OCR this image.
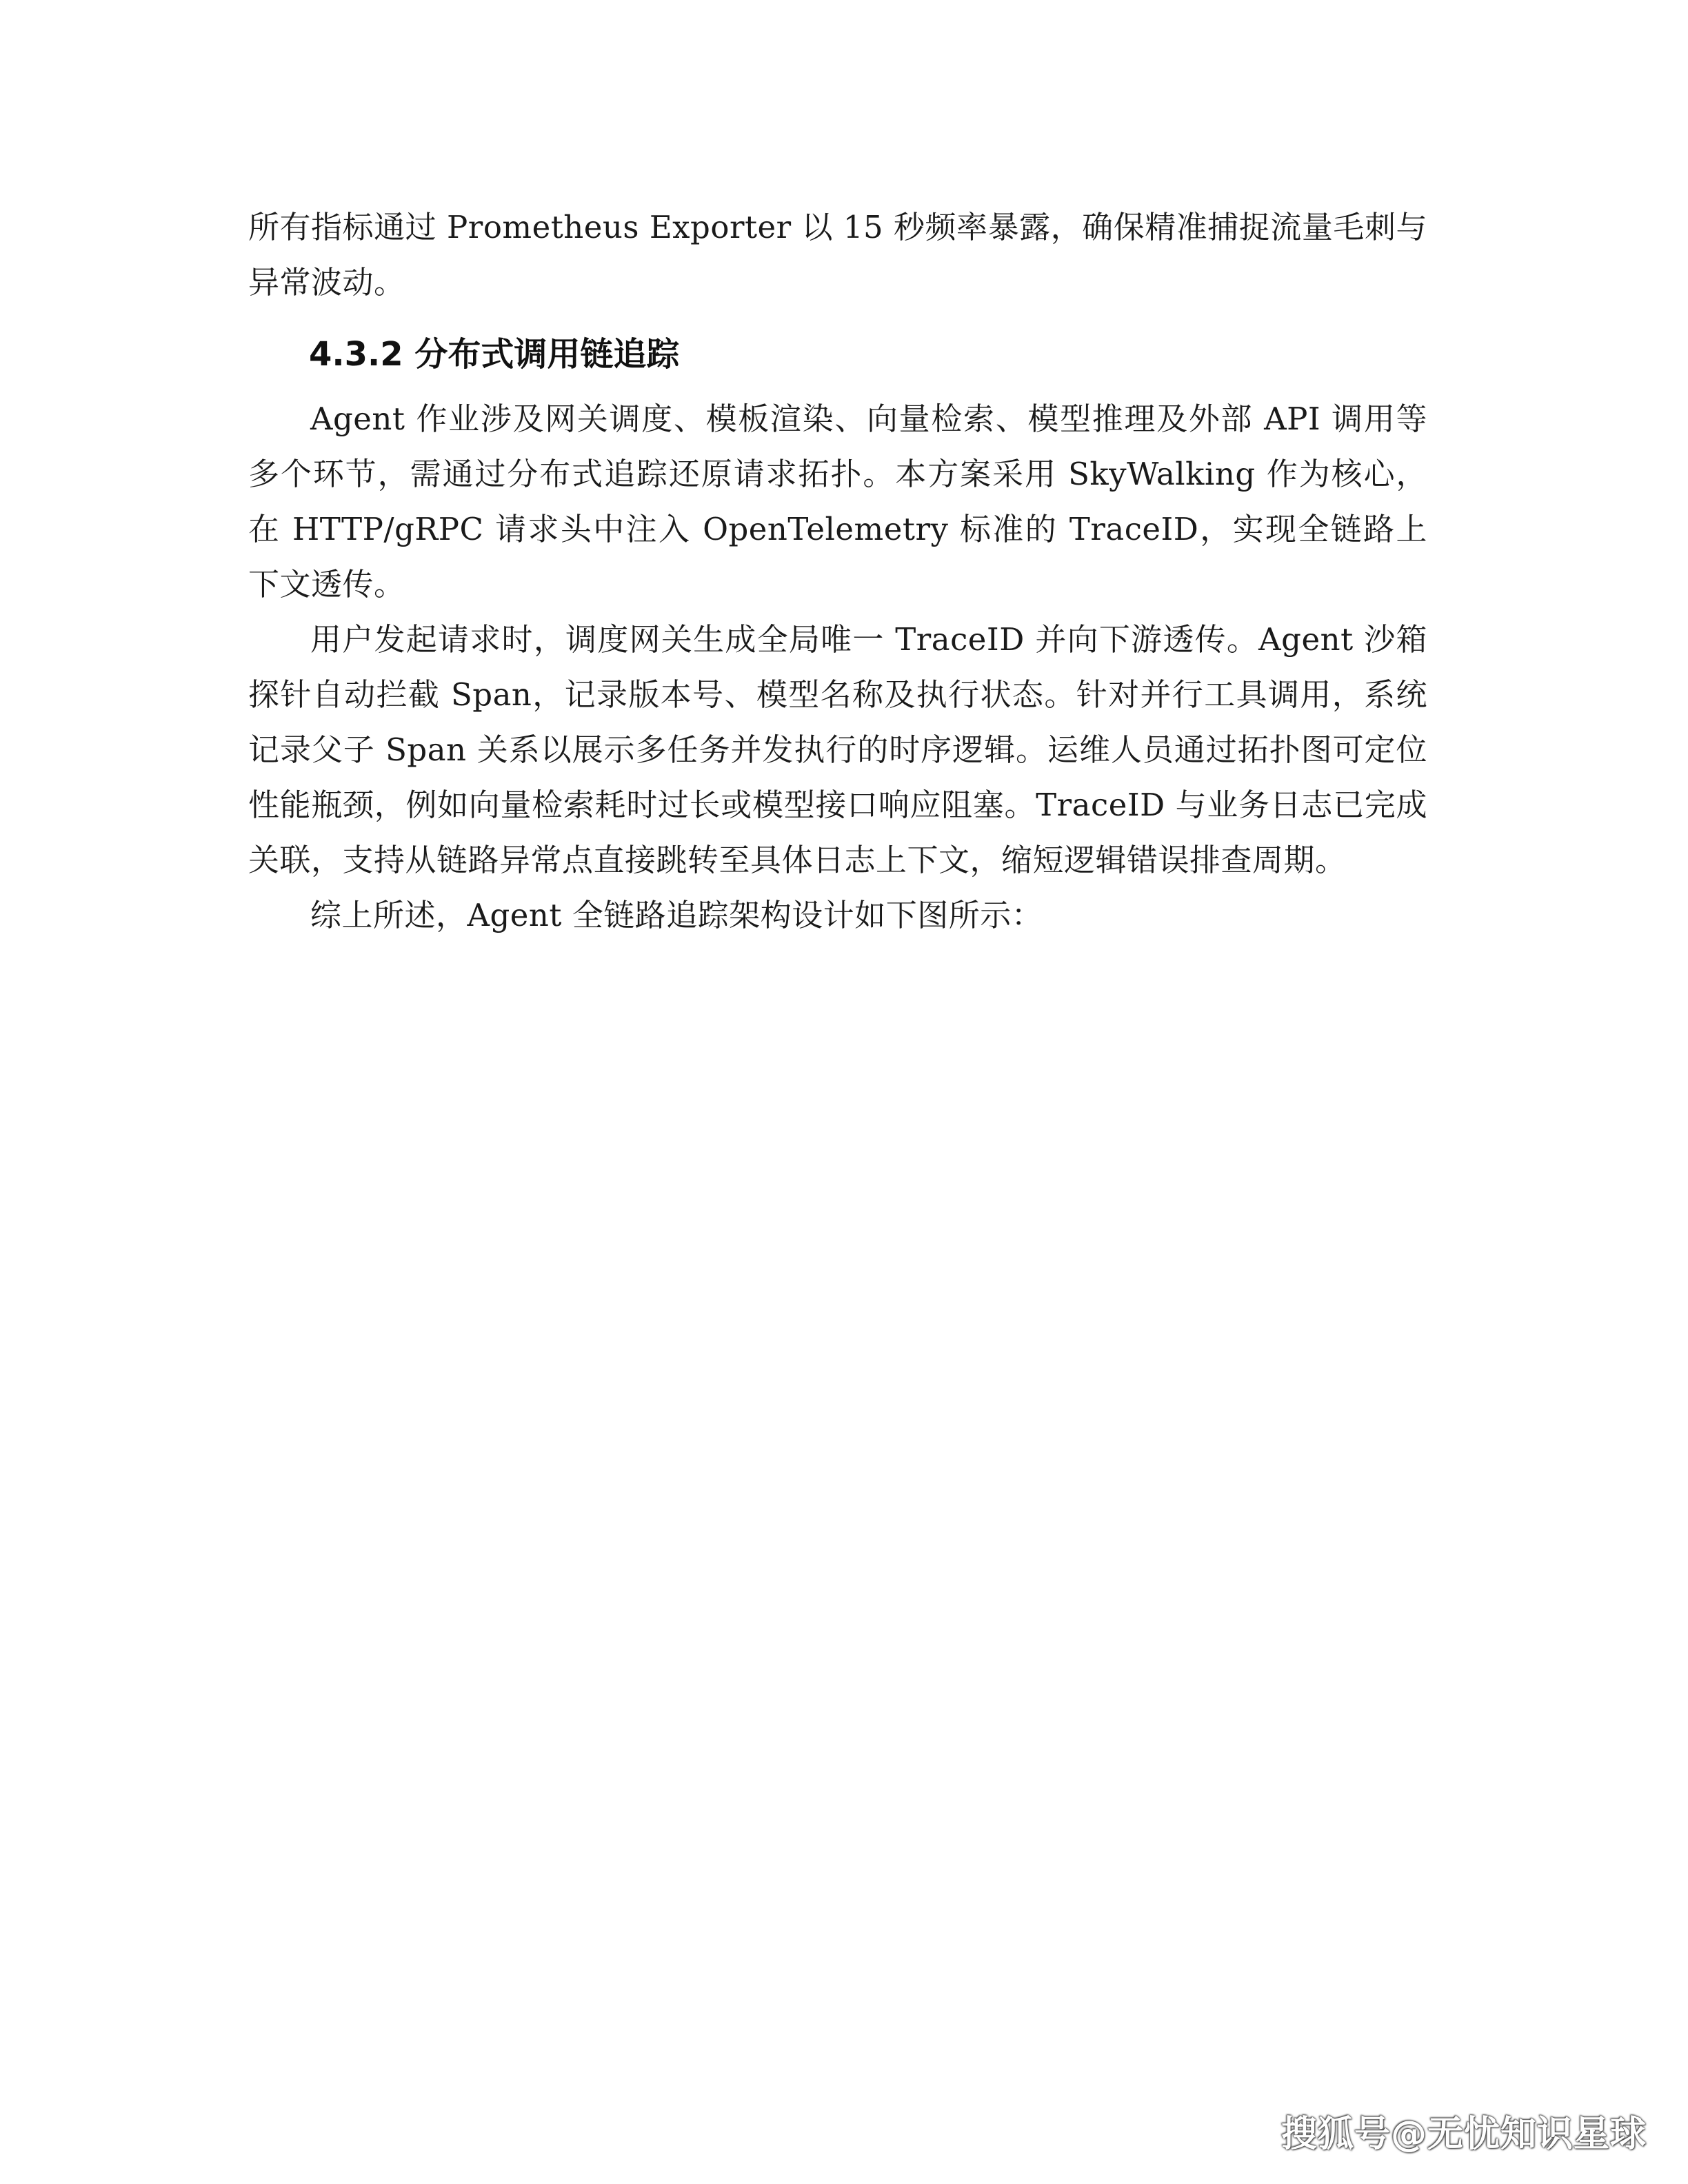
所有指标通过 Prometheus Exporter 以 15 秒频率暴露，确保精准捕捉流量毛刺与异常波动。

4.3.2 分布式调用链追踪

Agent 作业涉及网关调度、模板渲染、向量检索、模型推理及外部 API 调用等多个环节，需通过分布式追踪还原请求拓扑。本方案采用 SkyWalking 作为核心，在 HTTP/gRPC 请求头中注入 OpenTelemetry 标准的 TraceID，实现全链路上下文透传。

用户发起请求时，调度网关生成全局唯一 TraceID 并向下游透传。Agent 沙箱探针自动拦截 Span，记录版本号、模型名称及执行状态。针对并行工具调用，系统记录父子 Span 关系以展示多任务并发执行的时序逻辑。运维人员通过拓扑图可定位性能瓶颈，例如向量检索耗时过长或模型接口响应阻塞。TraceID 与业务日志已完成关联，支持从链路异常点直接跳转至具体日志上下文，缩短逻辑错误排查周期。

综上所述，Agent 全链路追踪架构设计如下图所示：

搜狐号@无忧知识星球
